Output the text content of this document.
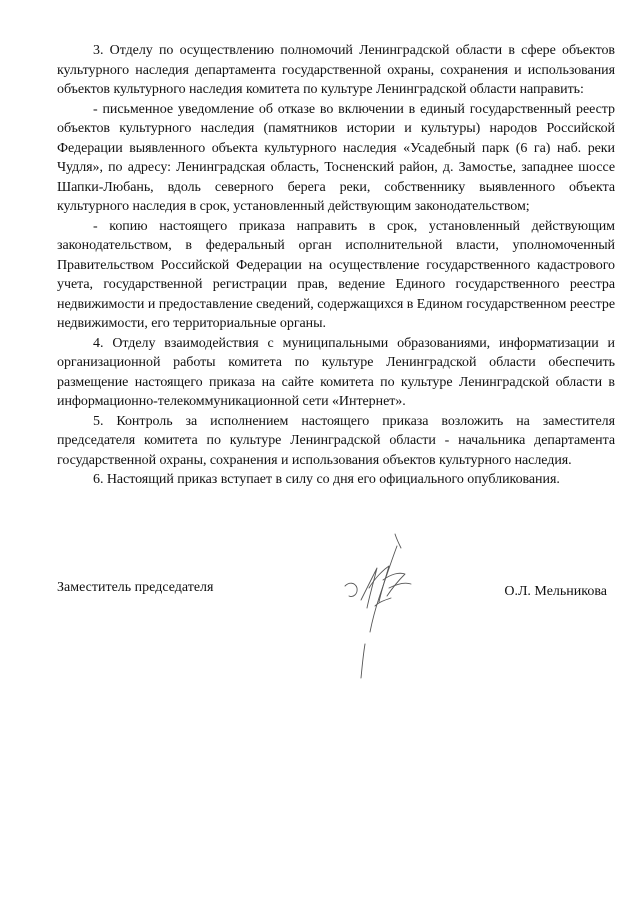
3. Отделу по осуществлению полномочий Ленинградской области в сфере объектов культурного наследия департамента государственной охраны, сохранения и использования объектов культурного наследия комитета по культуре Ленинградской области направить:

- письменное уведомление об отказе во включении в единый государственный реестр объектов культурного наследия (памятников истории и культуры) народов Российской Федерации выявленного объекта культурного наследия «Усадебный парк (6 га) наб. реки Чудля», по адресу: Ленинградская область, Тосненский район, д. Замостье, западнее шоссе Шапки-Любань, вдоль северного берега реки, собственнику выявленного объекта культурного наследия в срок, установленный действующим законодательством;

- копию настоящего приказа направить в срок, установленный действующим законодательством, в федеральный орган исполнительной власти, уполномоченный Правительством Российской Федерации на осуществление государственного кадастрового учета, государственной регистрации прав, ведение Единого государственного реестра недвижимости и предоставление сведений, содержащихся в Едином государственном реестре недвижимости, его территориальные органы.

4. Отделу взаимодействия с муниципальными образованиями, информатизации и организационной работы комитета по культуре Ленинградской области обеспечить размещение настоящего приказа на сайте комитета по культуре Ленинградской области в информационно-телекоммуникационной сети «Интернет».

5. Контроль за исполнением настоящего приказа возложить на заместителя председателя комитета по культуре Ленинградской области - начальника департамента государственной охраны, сохранения и использования объектов культурного наследия.

6. Настоящий приказ вступает в силу со дня его официального опубликования.

Заместитель председателя	О.Л. Мельникова
